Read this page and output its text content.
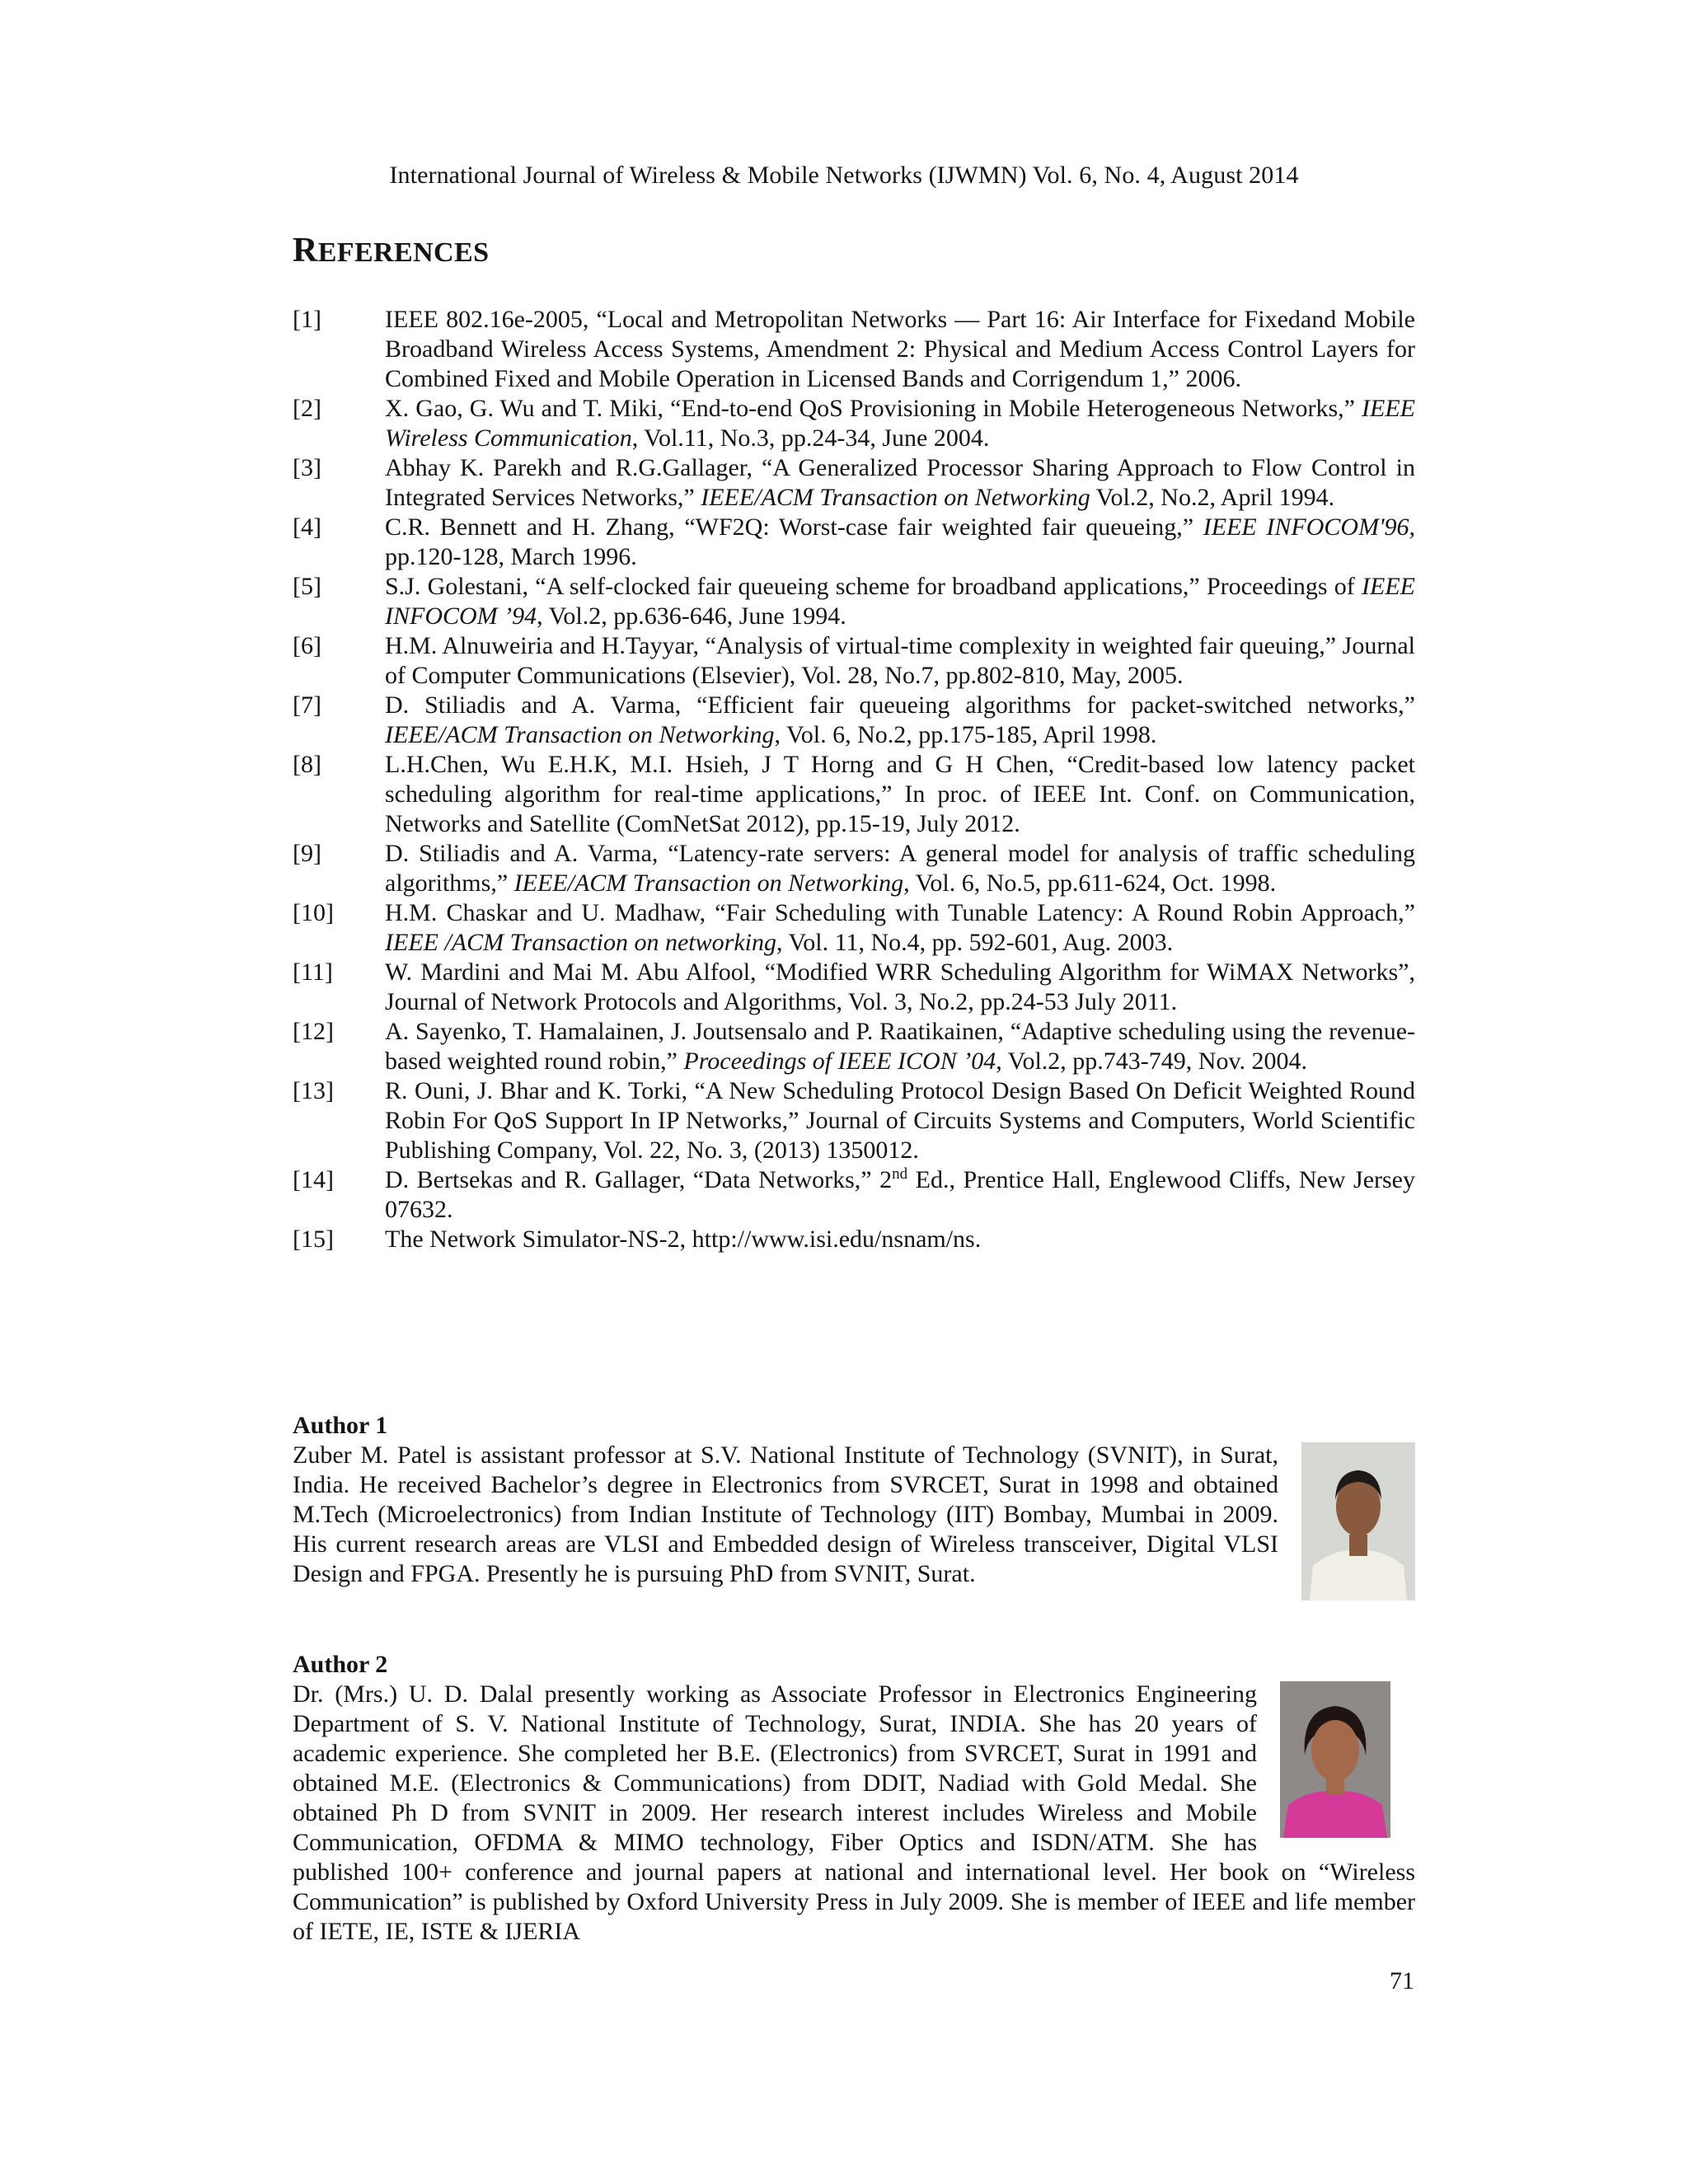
International Journal of Wireless & Mobile Networks (IJWMN) Vol. 6, No. 4, August 2014
REFERENCES
[1]	IEEE 802.16e-2005, “Local and Metropolitan Networks — Part 16: Air Interface for Fixedand Mobile Broadband Wireless Access Systems, Amendment 2: Physical and Medium Access Control Layers for Combined Fixed and Mobile Operation in Licensed Bands and Corrigendum 1,” 2006.
[2]	X. Gao, G. Wu and T. Miki, “End-to-end QoS Provisioning in Mobile Heterogeneous Networks,” IEEE Wireless Communication, Vol.11, No.3, pp.24-34, June 2004.
[3]	Abhay K. Parekh and R.G.Gallager, “A Generalized Processor Sharing Approach to Flow Control in Integrated Services Networks,” IEEE/ACM Transaction on Networking Vol.2, No.2, April 1994.
[4]	C.R. Bennett and H. Zhang, “WF2Q: Worst-case fair weighted fair queueing,” IEEE INFOCOM'96, pp.120-128, March 1996.
[5]	S.J. Golestani, “A self-clocked fair queueing scheme for broadband applications,” Proceedings of IEEE INFOCOM ’94, Vol.2, pp.636-646, June 1994.
[6]	H.M. Alnuweiria and H.Tayyar, “Analysis of virtual-time complexity in weighted fair queuing,” Journal of Computer Communications (Elsevier), Vol. 28, No.7, pp.802-810, May, 2005.
[7]	D. Stiliadis and A. Varma, “Efficient fair queueing algorithms for packet-switched networks,” IEEE/ACM Transaction on Networking, Vol. 6, No.2, pp.175-185, April 1998.
[8]	L.H.Chen, Wu E.H.K, M.I. Hsieh, J T Horng and G H Chen, “Credit-based low latency packet scheduling algorithm for real-time applications,” In proc. of IEEE Int. Conf. on Communication, Networks and Satellite (ComNetSat 2012), pp.15-19, July 2012.
[9]	D. Stiliadis and A. Varma, “Latency-rate servers: A general model for analysis of traffic scheduling algorithms,” IEEE/ACM Transaction on Networking, Vol. 6, No.5, pp.611-624, Oct. 1998.
[10] H.M. Chaskar and U. Madhaw, “Fair Scheduling with Tunable Latency: A Round Robin Approach,” IEEE /ACM Transaction on networking, Vol. 11, No.4, pp. 592-601, Aug. 2003.
[11] W. Mardini and Mai M. Abu Alfool, “Modified WRR Scheduling Algorithm for WiMAX Networks”, Journal of Network Protocols and Algorithms, Vol. 3, No.2, pp.24-53 July 2011.
[12] A. Sayenko, T. Hamalainen, J. Joutsensalo and P. Raatikainen, “Adaptive scheduling using the revenue-based weighted round robin,” Proceedings of IEEE ICON ’04, Vol.2, pp.743-749, Nov. 2004.
[13] R. Ouni, J. Bhar and K. Torki, “A New Scheduling Protocol Design Based On Deficit Weighted Round Robin For QoS Support In IP Networks,” Journal of Circuits Systems and Computers, World Scientific Publishing Company, Vol. 22, No. 3, (2013) 1350012.
[14] D. Bertsekas and R. Gallager, “Data Networks,” 2nd Ed., Prentice Hall, Englewood Cliffs, New Jersey 07632.
[15] The Network Simulator-NS-2, http://www.isi.edu/nsnam/ns.
Author 1
Zuber M. Patel is assistant professor at S.V. National Institute of Technology (SVNIT), in Surat, India. He received Bachelor’s degree in Electronics from SVRCET, Surat in 1998 and obtained M.Tech (Microelectronics) from Indian Institute of Technology (IIT) Bombay, Mumbai in 2009. His current research areas are VLSI and Embedded design of Wireless transceiver, Digital VLSI Design and FPGA. Presently he is pursuing PhD from SVNIT, Surat.
Author 2
Dr. (Mrs.) U. D. Dalal presently working as Associate Professor in Electronics Engineering Department of S. V. National Institute of Technology, Surat, INDIA. She has 20 years of academic experience. She completed her B.E. (Electronics) from SVRCET, Surat in 1991 and obtained M.E. (Electronics & Communications) from DDIT, Nadiad with Gold Medal. She obtained Ph D from SVNIT in 2009. Her research interest includes Wireless and Mobile Communication, OFDMA & MIMO technology, Fiber Optics and ISDN/ATM. She has published 100+ conference and journal papers at national and international level. Her book on “Wireless Communication” is published by Oxford University Press in July 2009. She is member of IEEE and life member of IETE, IE, ISTE & IJERIA
71
